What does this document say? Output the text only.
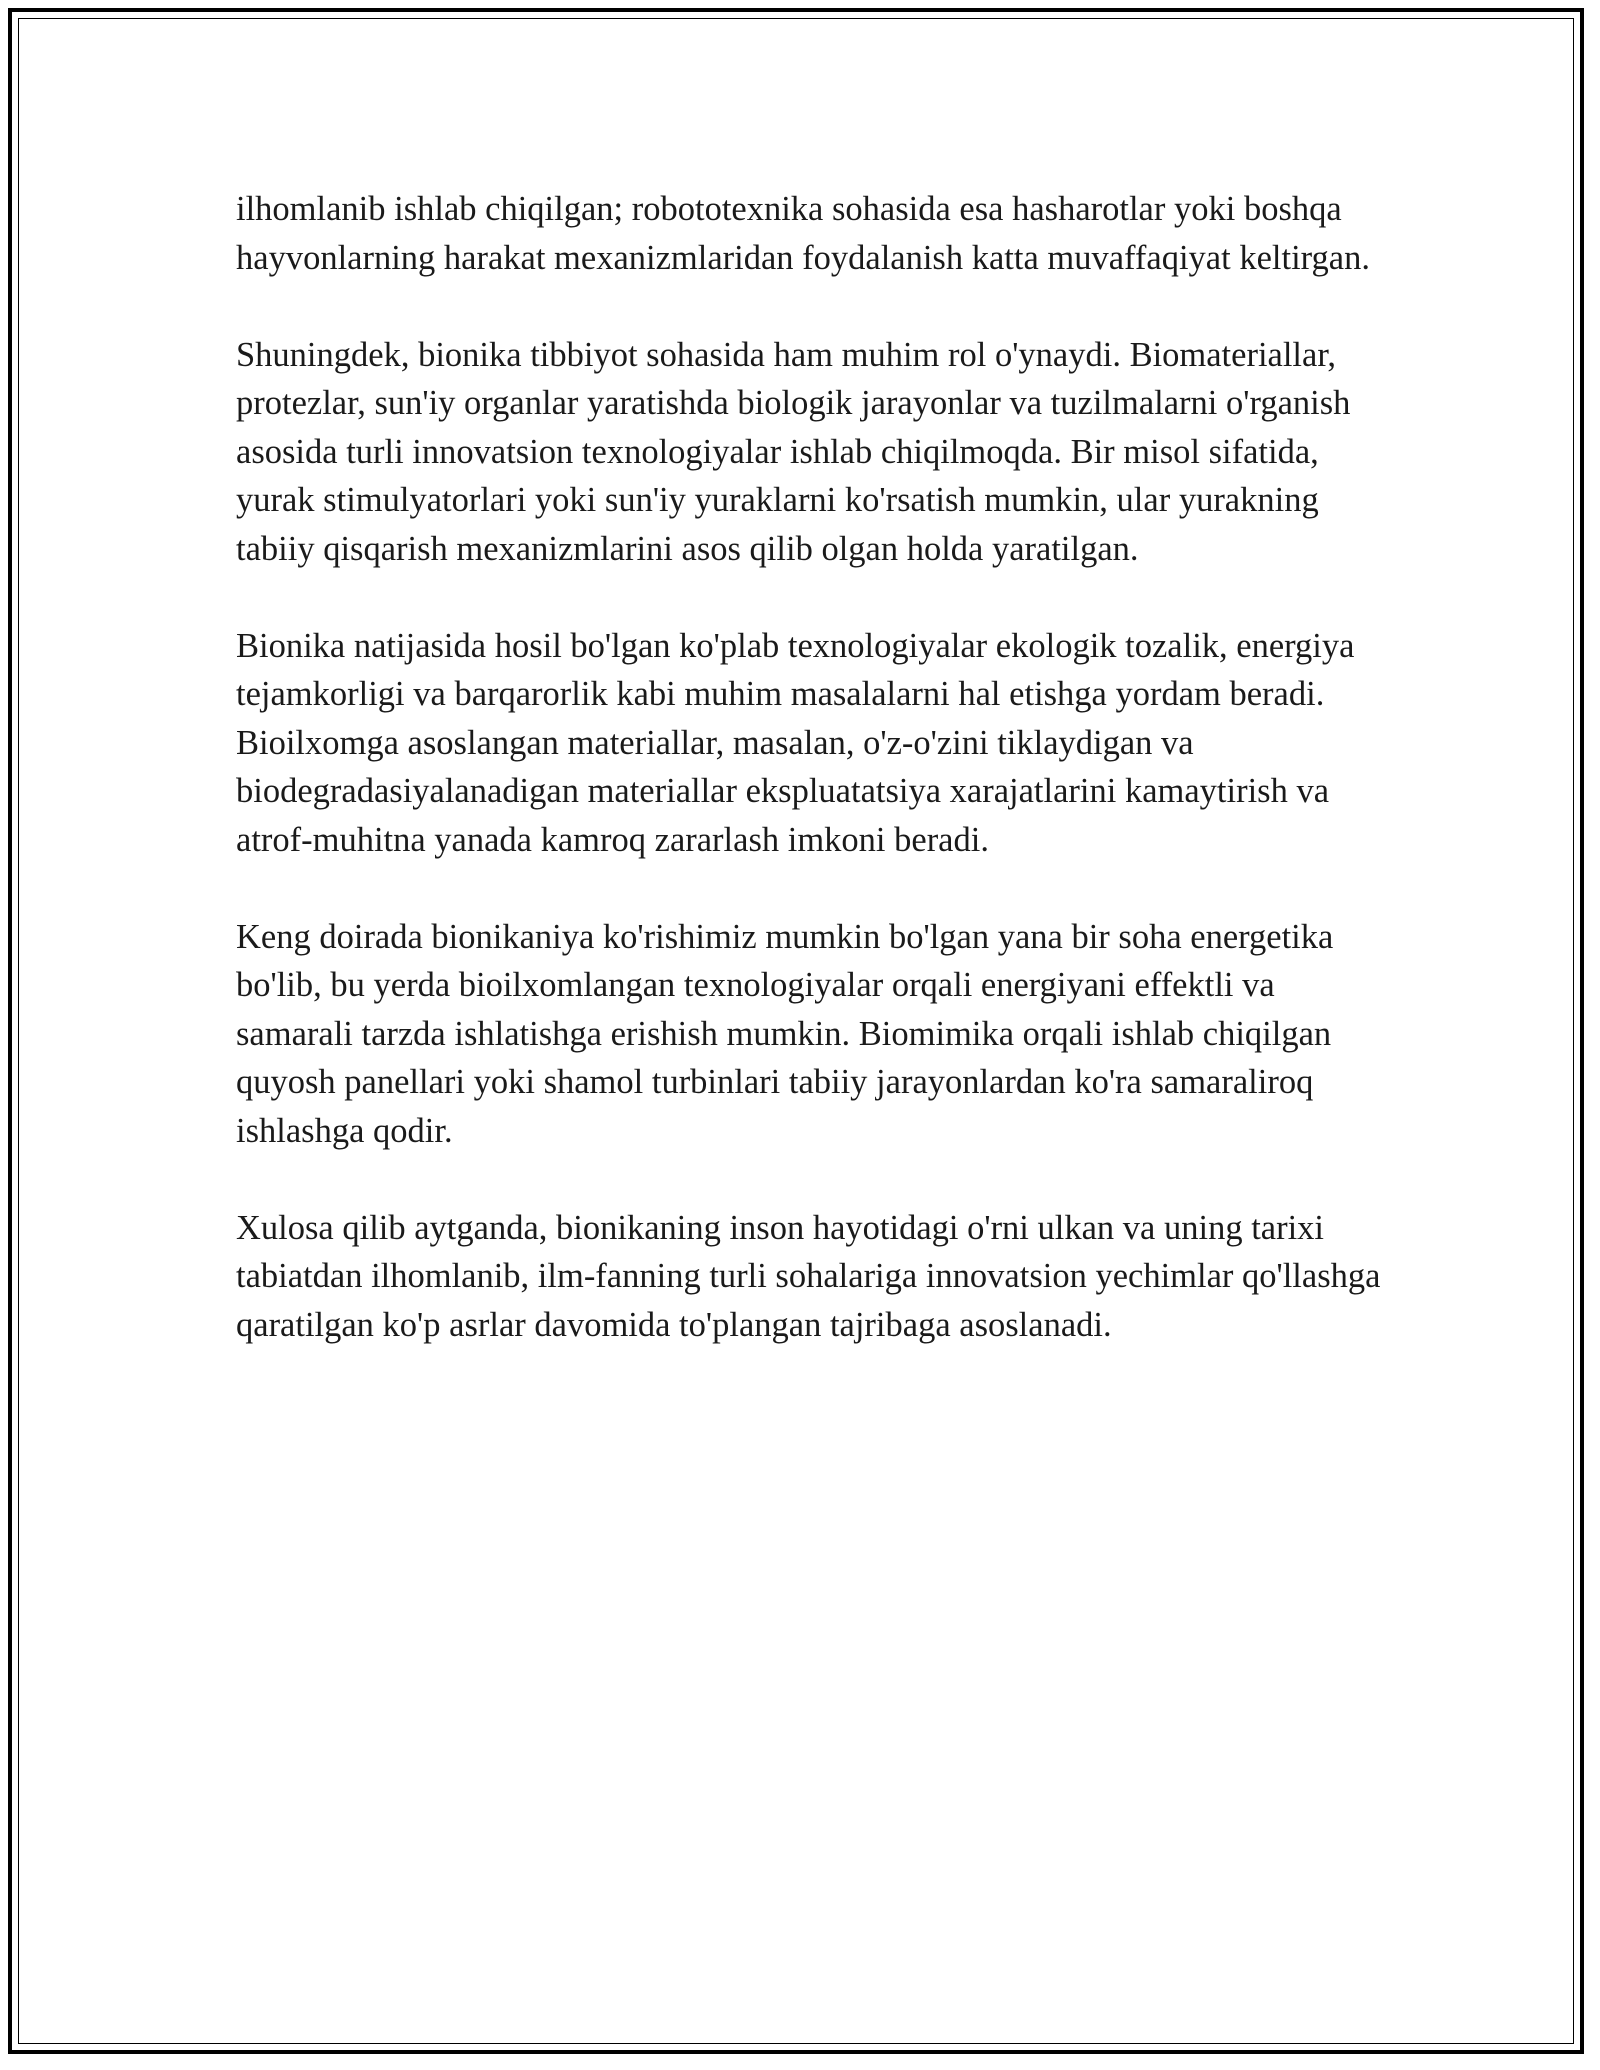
ilhomlanib ishlab chiqilgan; robototexnika sohasida esa hasharotlar yoki boshqa hayvonlarning harakat mexanizmlaridan foydalanish katta muvaffaqiyat keltirgan.

Shuningdek, bionika tibbiyot sohasida ham muhim rol o'ynaydi. Biomateriallar, protezlar, sun'iy organlar yaratishda biologik jarayonlar va tuzilmalarni o'rganish asosida turli innovatsion texnologiyalar ishlab chiqilmoqda. Bir misol sifatida, yurak stimulyatorlari yoki sun'iy yuraklarni ko'rsatish mumkin, ular yurakning tabiiy qisqarish mexanizmlarini asos qilib olgan holda yaratilgan.

Bionika natijasida hosil bo'lgan ko'plab texnologiyalar ekologik tozalik, energiya tejamkorligi va barqarorlik kabi muhim masalalarni hal etishga yordam beradi. Bioilxomga asoslangan materiallar, masalan, o'z-o'zini tiklaydigan va biodegradasiyalanadigan materiallar ekspluatatsiya xarajatlarini kamaytirish va atrof-muhitna yanada kamroq zararlash imkoni beradi.

Keng doirada bionikaniya ko'rishimiz mumkin bo'lgan yana bir soha energetika bo'lib, bu yerda bioilxomlangan texnologiyalar orqali energiyani effektli va samarali tarzda ishlatishga erishish mumkin. Biomimika orqali ishlab chiqilgan quyosh panellari yoki shamol turbinlari tabiiy jarayonlardan ko'ra samaraliroq ishlashga qodir.

Xulosa qilib aytganda, bionikaning inson hayotidagi o'rni ulkan va uning tarixi tabiatdan ilhomlanib, ilm-fanning turli sohalariga innovatsion yechimlar qo'llashga qaratilgan ko'p asrlar davomida to'plangan tajribaga asoslanadi.
